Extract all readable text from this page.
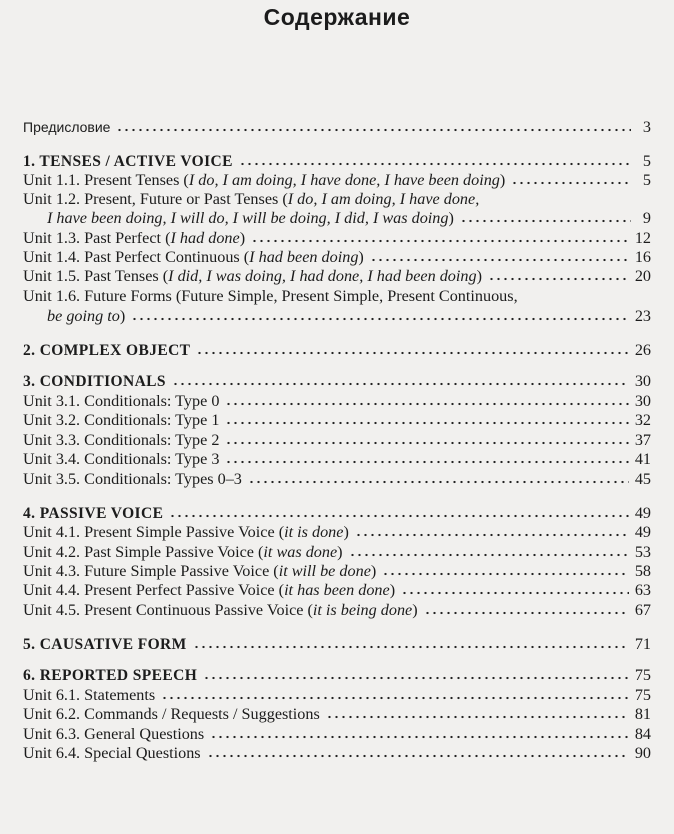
Содержание
Предисловие	3
1. TENSES / ACTIVE VOICE	5
Unit 1.1. Present Tenses (I do, I am doing, I have done, I have been doing)	5
Unit 1.2. Present, Future or Past Tenses (I do, I am doing, I have done,
I have been doing, I will do, I will be doing, I did, I was doing)	9
Unit 1.3. Past Perfect (I had done)	12
Unit 1.4. Past Perfect Continuous (I had been doing)	16
Unit 1.5. Past Tenses (I did, I was doing, I had done, I had been doing)	20
Unit 1.6. Future Forms (Future Simple, Present Simple, Present Continuous,
be going to)	23
2. COMPLEX OBJECT	26
3. CONDITIONALS	30
Unit 3.1. Conditionals: Type 0	30
Unit 3.2. Conditionals: Type 1	32
Unit 3.3. Conditionals: Type 2	37
Unit 3.4. Conditionals: Type 3	41
Unit 3.5. Conditionals: Types 0–3	45
4. PASSIVE VOICE	49
Unit 4.1. Present Simple Passive Voice (it is done)	49
Unit 4.2. Past Simple Passive Voice (it was done)	53
Unit 4.3. Future Simple Passive Voice (it will be done)	58
Unit 4.4. Present Perfect Passive Voice (it has been done)	63
Unit 4.5. Present Continuous Passive Voice (it is being done)	67
5. CAUSATIVE FORM	71
6. REPORTED SPEECH	75
Unit 6.1. Statements	75
Unit 6.2. Commands / Requests / Suggestions	81
Unit 6.3. General Questions	84
Unit 6.4. Special Questions	90
